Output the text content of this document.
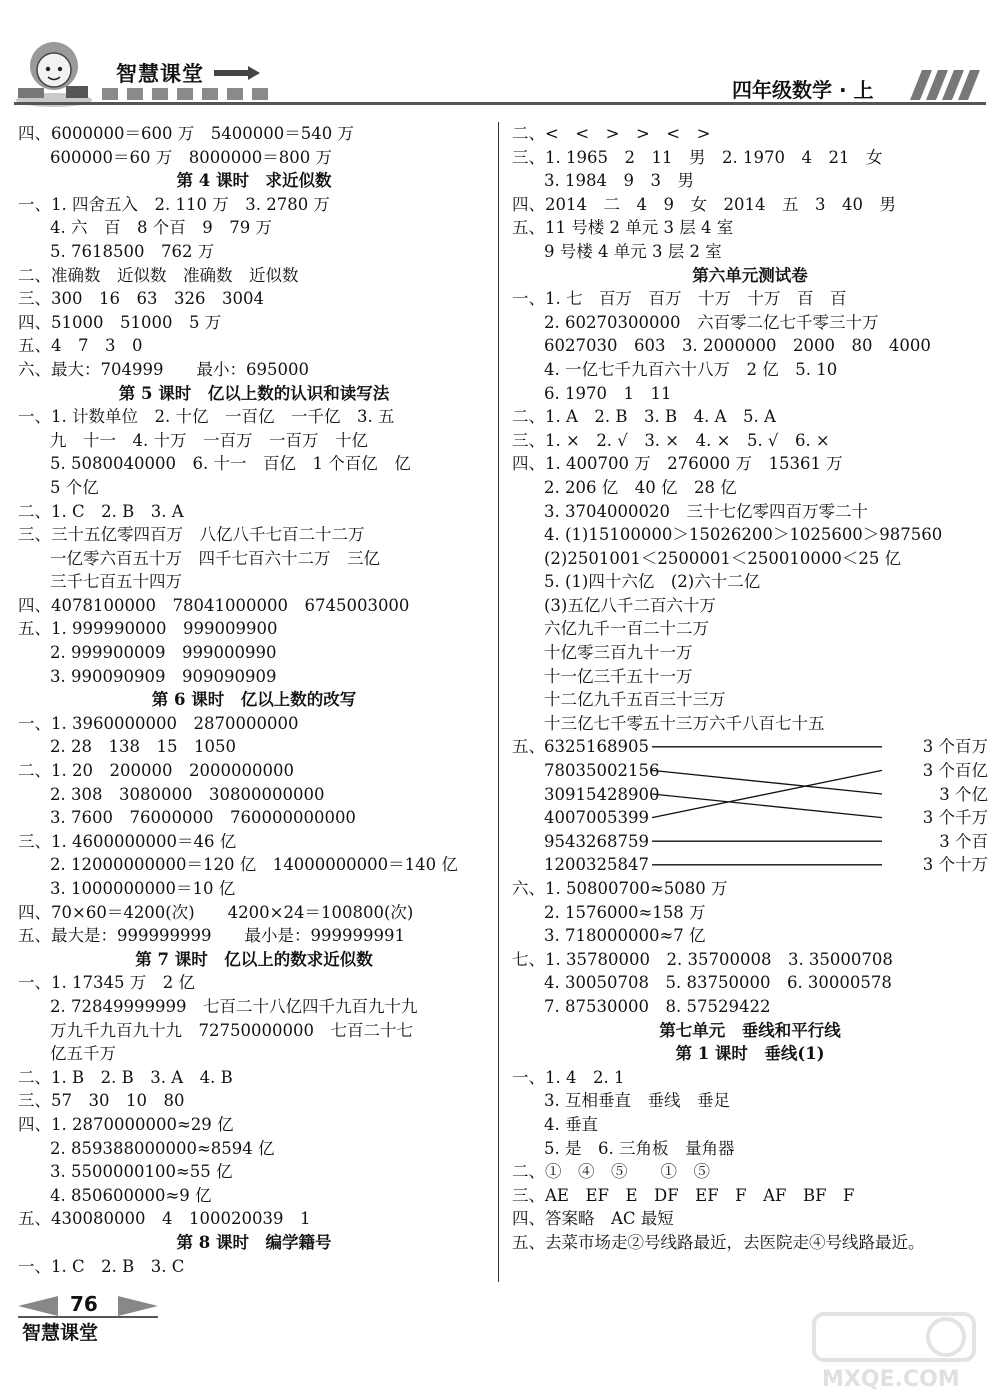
智慧课堂
四年级数学 · 上
四、6000000＝600 万　5400000＝540 万
600000＝60 万　8000000＝800 万
第 4 课时　求近似数
一、1. 四舍五入　2. 110 万　3. 2780 万
4. 六　百　8 个百　9　79 万
5. 7618500　762 万
二、准确数　近似数　准确数　近似数
三、300　16　63　326　3004
四、51000　51000　5 万
五、4　7　3　0
六、最大：704999　　最小：695000
第 5 课时　亿以上数的认识和读写法
一、1. 计数单位　2. 十亿　一百亿　一千亿　3. 五
九　十一　4. 十万　一百万　一百万　十亿
5. 5080040000　6. 十一　百亿　1 个百亿　亿
5 个亿
二、1. C　2. B　3. A
三、三十五亿零四百万　八亿八千七百二十二万
一亿零六百五十万　四千七百六十二万　三亿
三千七百五十四万
四、4078100000　78041000000　6745003000
五、1. 999990000　999009900
2. 999900009　999000990
3. 990090909　909090909
第 6 课时　亿以上数的改写
一、1. 3960000000　2870000000
2. 28　138　15　1050
二、1. 20　200000　2000000000
2. 308　3080000　30800000000
3. 7600　76000000　760000000000
三、1. 4600000000＝46 亿
2. 12000000000＝120 亿　14000000000＝140 亿
3. 1000000000＝10 亿
四、70×60＝4200(次)　　4200×24＝100800(次)
五、最大是：999999999　　最小是：999999991
第 7 课时　亿以上的数求近似数
一、1. 17345 万　2 亿
2. 72849999999　七百二十八亿四千九百九十九
万九千九百九十九　72750000000　七百二十七
亿五千万
二、1. B　2. B　3. A　4. B
三、57　30　10　80
四、1. 2870000000≈29 亿
2. 859388000000≈8594 亿
3. 5500000100≈55 亿
4. 850600000≈9 亿
五、430080000　4　100020039　1
第 8 课时　编学籍号
一、1. C　2. B　3. C
二、<　<　>　>　<　>
三、1. 1965　2　11　男　2. 1970　4　21　女
3. 1984　9　3　男
四、2014　二　4　9　女　2014　五　3　40　男
五、11 号楼 2 单元 3 层 4 室
9 号楼 4 单元 3 层 2 室
第六单元测试卷
一、1. 七　百万　百万　十万　十万　百　百
2. 60270300000　六百零二亿七千零三十万
6027030　603　3. 2000000　2000　80　4000
4. 一亿七千九百六十八万　2 亿　5. 10
6. 1970　1　11
二、1. A　2. B　3. B　4. A　5. A
三、1. ×　2. √　3. ×　4. ×　5. √　6. ×
四、1. 400700 万　276000 万　15361 万
2. 206 亿　40 亿　28 亿
3. 3704000020　三十七亿零四百万零二十
4. (1)15100000＞15026200＞1025600＞987560
(2)2501001＜2500001＜250010000＜25 亿
5. (1)四十六亿　(2)六十二亿
(3)五亿八千二百六十万
六亿九千一百二十二万
十亿零三百九十一万
十一亿三千五十一万
十二亿九千五百三十三万
十三亿七千零五十三万六千八百七十五
五、 6325168905
78035002156
30915428900
4007005399
9543268759
1200325847
3 个百万
3 个百亿
3 个亿
3 个千万
3 个百
3 个十万
六、1. 50800700≈5080 万
2. 1576000≈158 万
3. 718000000≈7 亿
七、1. 35780000　2. 35700008　3. 35000708
4. 30050708　5. 83750000　6. 30000578
7. 87530000　8. 57529422
第七单元　垂线和平行线
第 1 课时　垂线(1)
一、1. 4　2. 1
3. 互相垂直　垂线　垂足
4. 垂直
5. 是　6. 三角板　量角器
二、①　④　⑤　　①　⑤
三、AE　EF　E　DF　EF　F　AF　BF　F
四、答案略　AC 最短
五、去菜市场走②号线路最近，去医院走④号线路最近。
76
智慧课堂
MXQE.COM
